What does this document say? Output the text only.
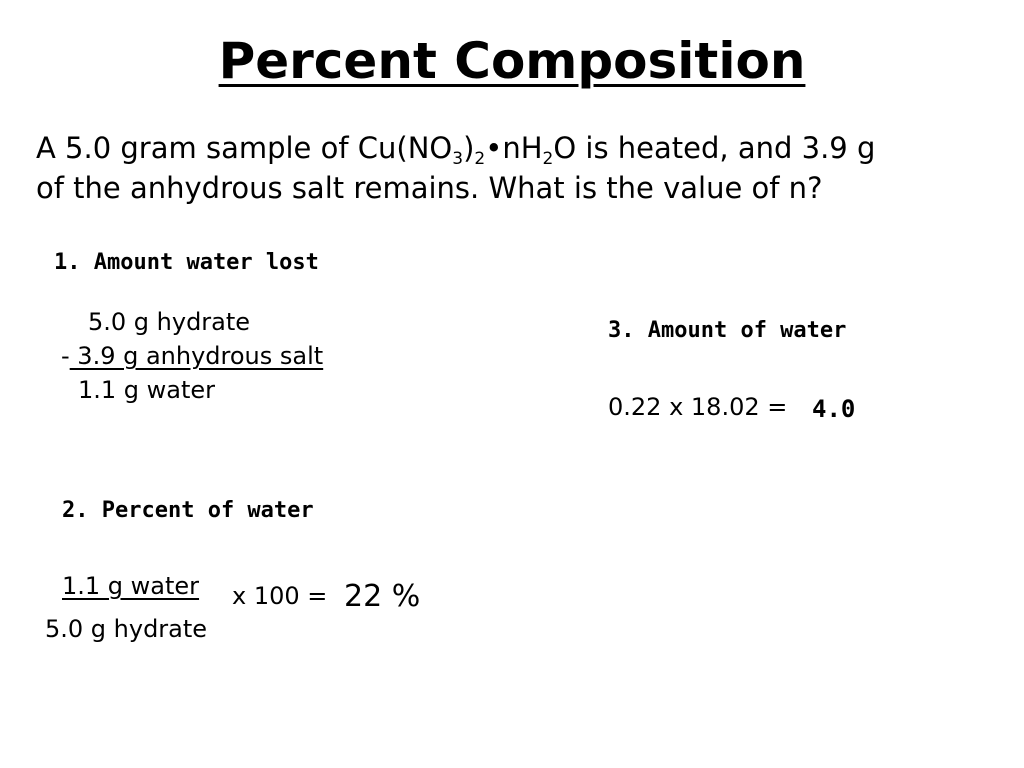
Percent Composition
A 5.0 gram sample of $Cu(NO_3)_2•nH_2O$ is heated, and 3.9 g
of the anhydrous salt remains. What is the value of n?
1. Amount water lost
5.0 g hydrate
- 3.9 g anhydrous salt
1.1 g water
2. Percent of water
1.1 g water
5.0 g hydrate
x 100 = 22 %
3. Amount of water
0.22 x 18.02 = 4.0
